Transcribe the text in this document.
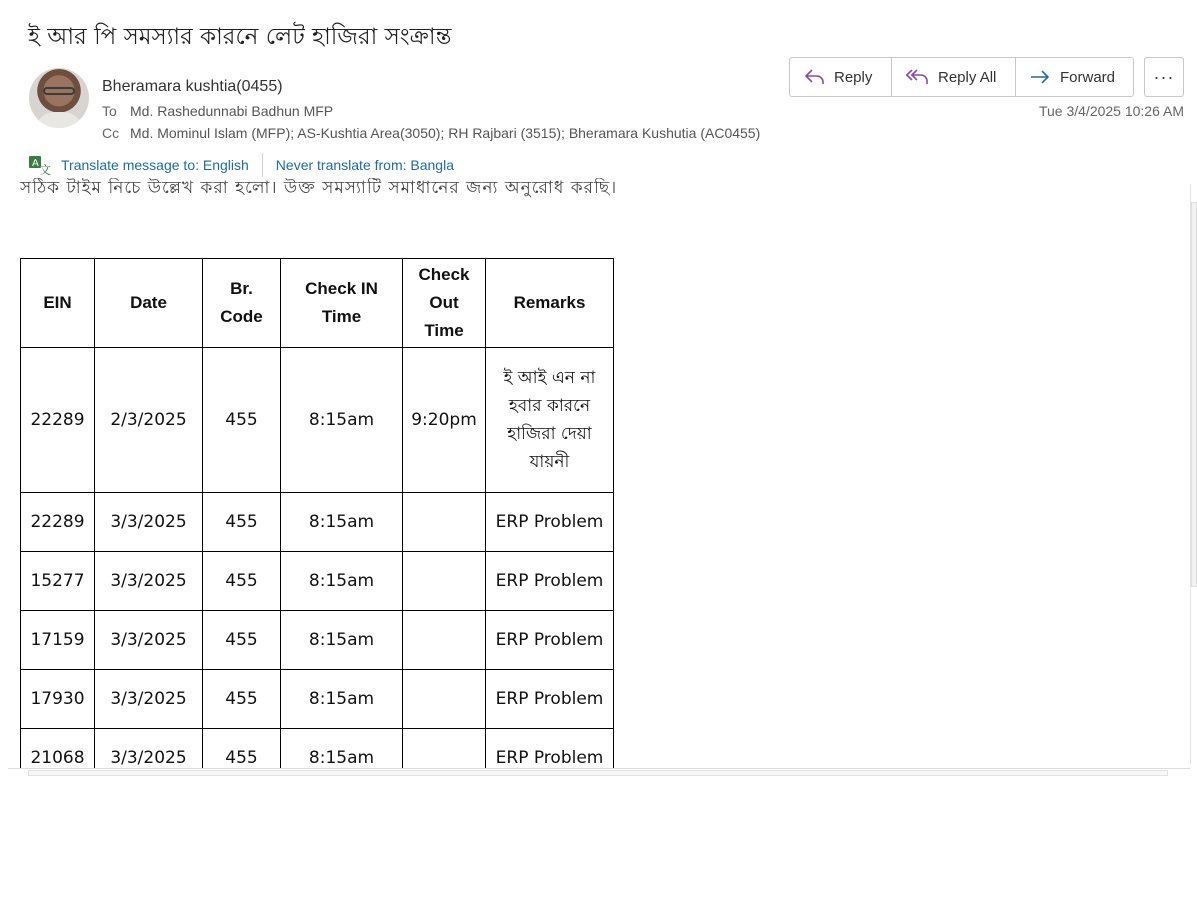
ই আর পি সমস্যার কারনে লেট হাজিরা সংক্রান্ত
Bheramara kushtia(0455)
To Md. Rashedunnabi Badhun MFP
Cc Md. Mominul Islam (MFP); AS-Kushtia Area(3050); RH Rajbari (3515); Bheramara Kushutia (AC0455)
Reply	Reply All	Forward ···
Tue 3/4/2025 10:26 AM
A 文 Translate message to: English Never translate from: Bangla
সঠিক টাইম নিচে উল্লেখ করা হলো। উক্ত সমস্যাটি সমাধানের জন্য অনুরোধ করছি।
EIN	Date	Br. Code	Check IN Time	Check Out Time	Remarks
22289	2/3/2025	455	8:15am	9:20pm	ই আই এন না হবার কারনে হাজিরা দেয়া যায়নী
22289	3/3/2025	455	8:15am		ERP Problem
15277	3/3/2025	455	8:15am		ERP Problem
17159	3/3/2025	455	8:15am		ERP Problem
17930	3/3/2025	455	8:15am		ERP Problem
21068	3/3/2025	455	8:15am		ERP Problem
